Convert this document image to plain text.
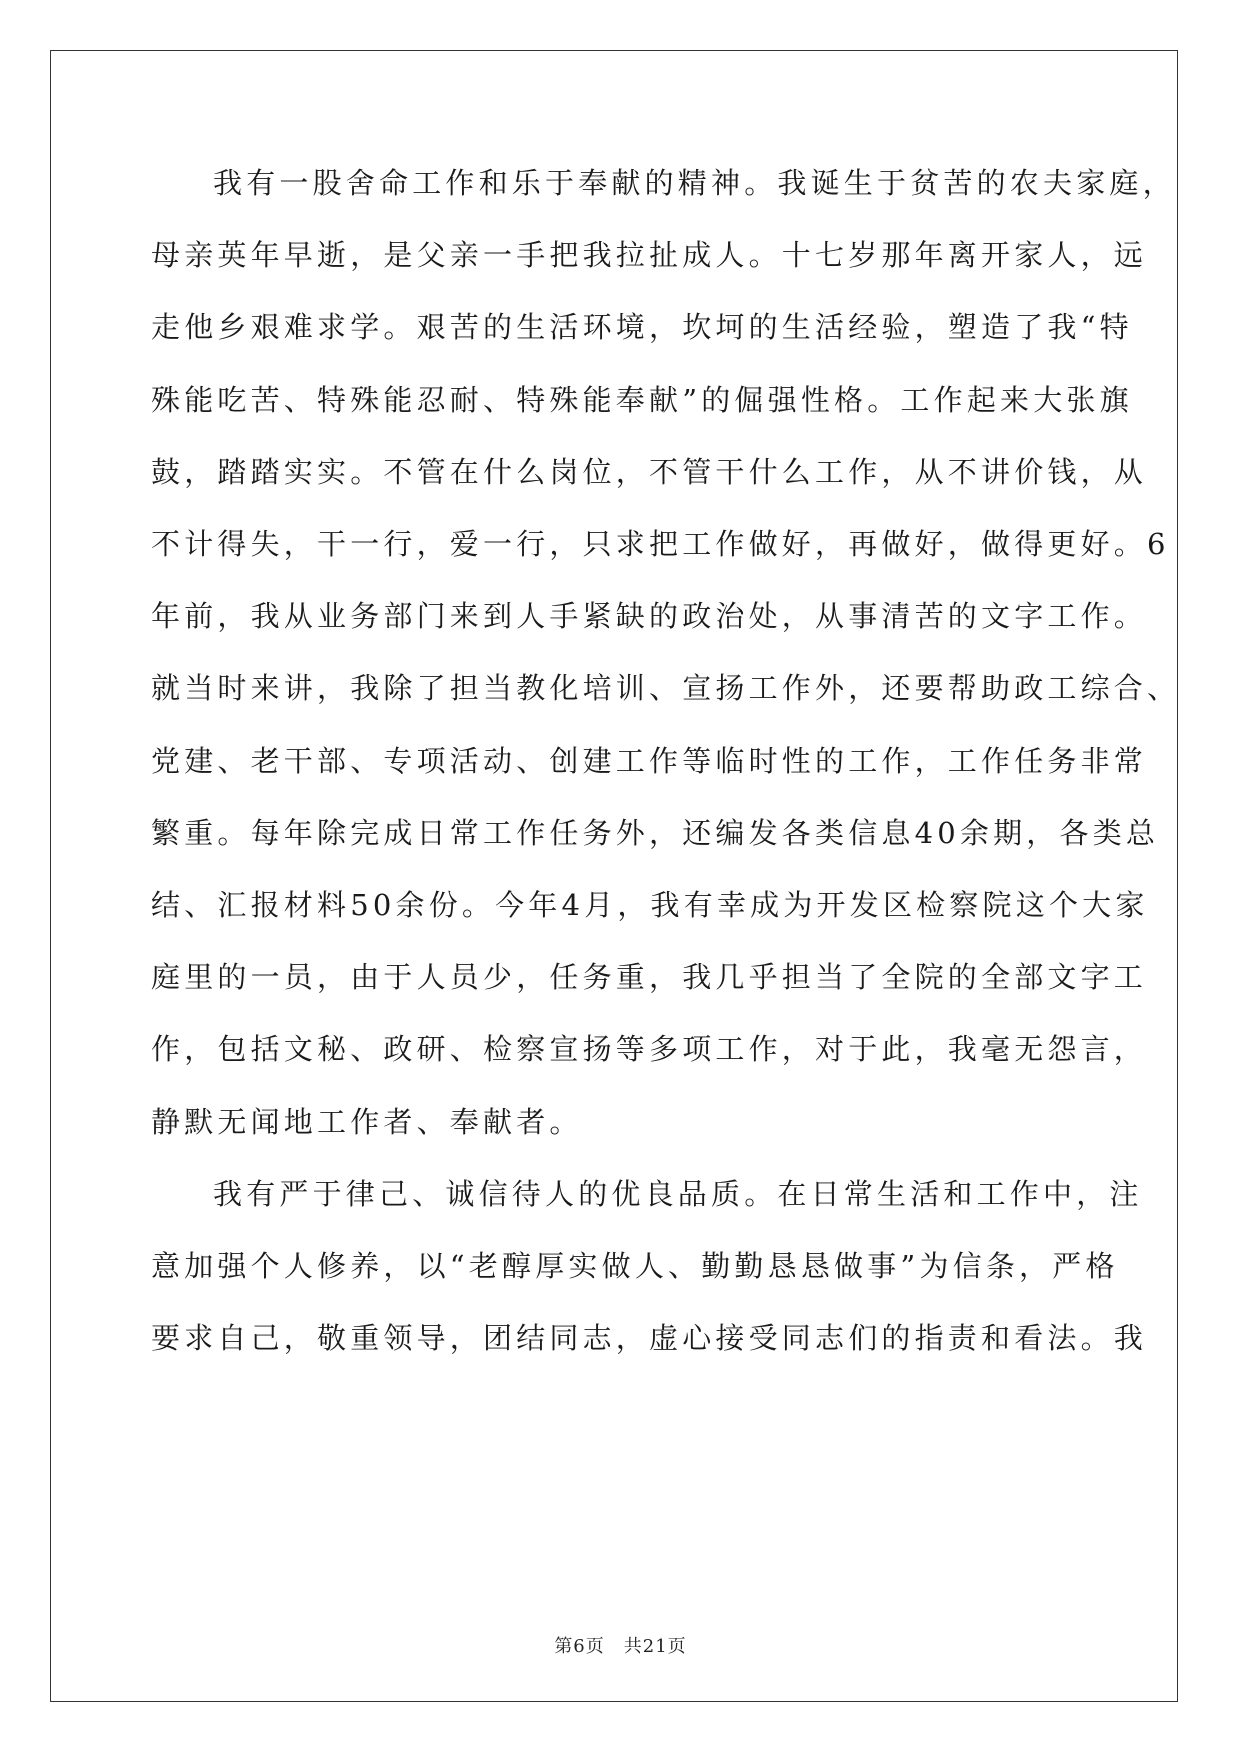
我有一股舍命工作和乐于奉献的精神。我诞生于贫苦的农夫家庭，
母亲英年早逝，是父亲一手把我拉扯成人。十七岁那年离开家人，远
走他乡艰难求学。艰苦的生活环境，坎坷的生活经验，塑造了我“特
殊能吃苦、特殊能忍耐、特殊能奉献”的倔强性格。工作起来大张旗
鼓，踏踏实实。不管在什么岗位，不管干什么工作，从不讲价钱，从
不计得失，干一行，爱一行，只求把工作做好，再做好，做得更好。6
年前，我从业务部门来到人手紧缺的政治处，从事清苦的文字工作。
就当时来讲，我除了担当教化培训、宣扬工作外，还要帮助政工综合、
党建、老干部、专项活动、创建工作等临时性的工作，工作任务非常
繁重。每年除完成日常工作任务外，还编发各类信息40余期，各类总
结、汇报材料50余份。今年4月，我有幸成为开发区检察院这个大家
庭里的一员，由于人员少，任务重，我几乎担当了全院的全部文字工
作，包括文秘、政研、检察宣扬等多项工作，对于此，我毫无怨言，
静默无闻地工作者、奉献者。
我有严于律己、诚信待人的优良品质。在日常生活和工作中，注
意加强个人修养，以“老醇厚实做人、勤勤恳恳做事”为信条，严格
要求自己，敬重领导，团结同志，虚心接受同志们的指责和看法。我
第6页　共21页
